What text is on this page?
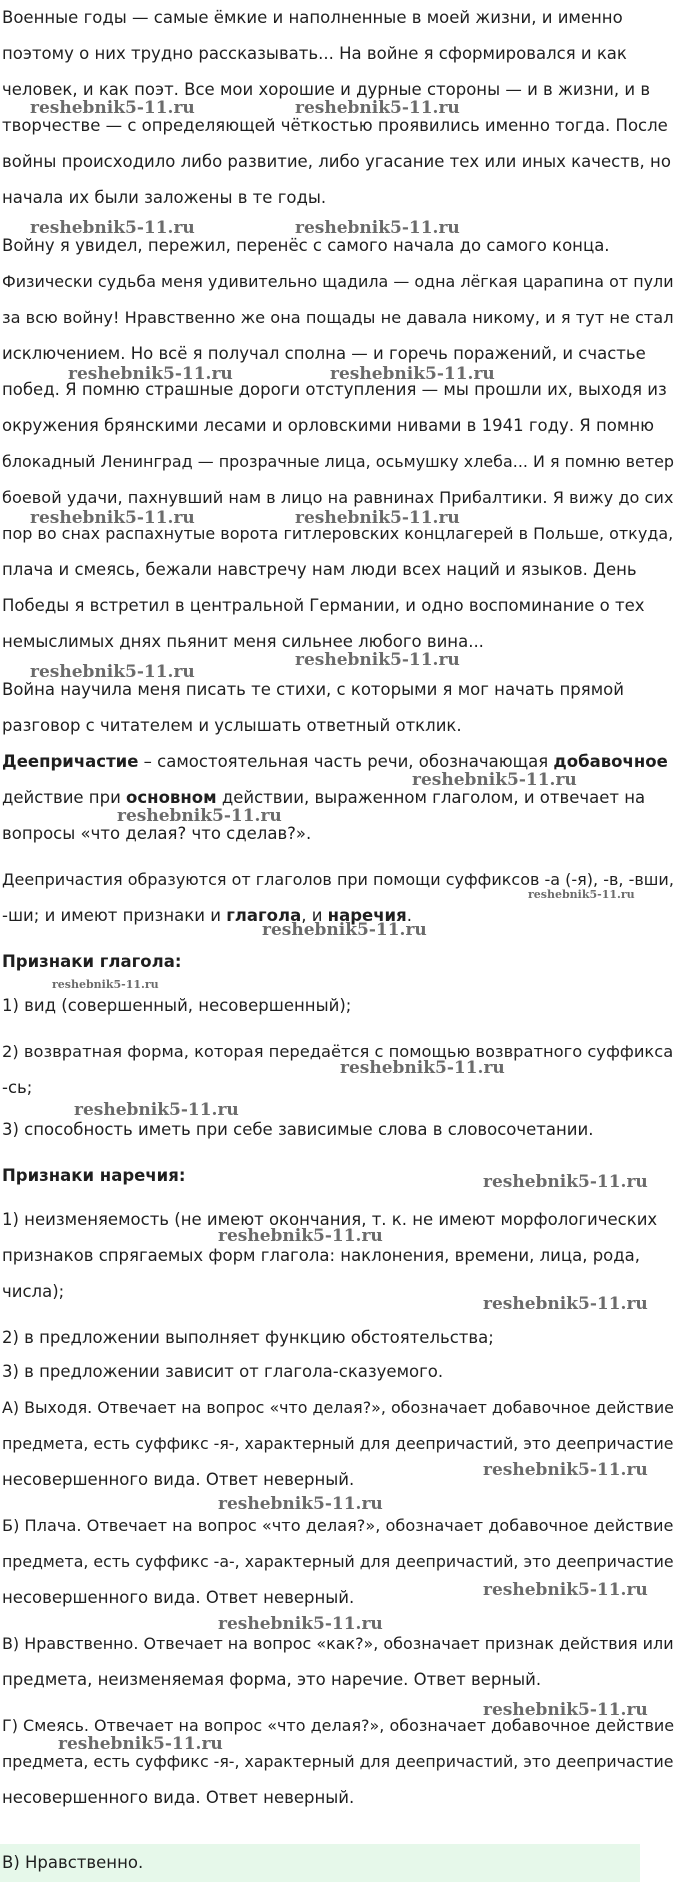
Военные годы — самые ёмкие и наполненные в моей жизни, и именно
поэтому о них трудно рассказывать... На войне я сформировался и как
человек, и как поэт. Все мои хорошие и дурные стороны — и в жизни, и в
творчестве — с определяющей чёткостью проявились именно тогда. После
войны происходило либо развитие, либо угасание тех или иных качеств, но
начала их были заложены в те годы.
Войну я увидел, пережил, перенёс с самого начала до самого конца.
Физически судьба меня удивительно щадила — одна лёгкая царапина от пули
за всю войну! Нравственно же она пощады не давала никому, и я тут не стал
исключением. Но всё я получал сполна — и горечь поражений, и счастье
побед. Я помню страшные дороги отступления — мы прошли их, выходя из
окружения брянскими лесами и орловскими нивами в 1941 году. Я помню
блокадный Ленинград — прозрачные лица, осьмушку хлеба... И я помню ветер
боевой удачи, пахнувший нам в лицо на равнинах Прибалтики. Я вижу до сих
пор во снах распахнутые ворота гитлеровских концлагерей в Польше, откуда,
плача и смеясь, бежали навстречу нам люди всех наций и языков. День
Победы я встретил в центральной Германии, и одно воспоминание о тех
немыслимых днях пьянит меня сильнее любого вина...
Война научила меня писать те стихи, с которыми я мог начать прямой
разговор с читателем и услышать ответный отклик.
Деепричастие – самостоятельная часть речи, обозначающая добавочное
действие при основном действии, выраженном глаголом, и отвечает на
вопросы «что делая? что сделав?».
Деепричастия образуются от глаголов при помощи суффиксов -а (-я), -в, -вши,
-ши; и имеют признаки и глагола, и наречия.
Признаки глагола:
1) вид (совершенный, несовершенный);
2) возвратная форма, которая передаётся с помощью возвратного суффикса
-сь;
3) способность иметь при себе зависимые слова в словосочетании.
Признаки наречия:
1) неизменяемость (не имеют окончания, т. к. не имеют морфологических
признаков спрягаемых форм глагола: наклонения, времени, лица, рода,
числа);
2) в предложении выполняет функцию обстоятельства;
3) в предложении зависит от глагола-сказуемого.
А) Выходя. Отвечает на вопрос «что делая?», обозначает добавочное действие
предмета, есть суффикс -я-, характерный для деепричастий, это деепричастие
несовершенного вида. Ответ неверный.
Б) Плача. Отвечает на вопрос «что делая?», обозначает добавочное действие
предмета, есть суффикс -а-, характерный для деепричастий, это деепричастие
несовершенного вида. Ответ неверный.
В) Нравственно. Отвечает на вопрос «как?», обозначает признак действия или
предмета, неизменяемая форма, это наречие. Ответ верный.
Г) Смеясь. Отвечает на вопрос «что делая?», обозначает добавочное действие
предмета, есть суффикс -я-, характерный для деепричастий, это деепричастие
несовершенного вида. Ответ неверный.
В) Нравственно.
reshebnik5-11.ru	reshebnik5-11.ru
reshebnik5-11.ru	reshebnik5-11.ru
reshebnik5-11.ru	reshebnik5-11.ru
reshebnik5-11.ru	reshebnik5-11.ru
reshebnik5-11.ru
reshebnik5-11.ru
reshebnik5-11.ru
reshebnik5-11.ru
reshebnik5-11.ru
reshebnik5-11.ru
reshebnik5-11.ru
reshebnik5-11.ru
reshebnik5-11.ru
reshebnik5-11.ru
reshebnik5-11.ru
reshebnik5-11.ru
reshebnik5-11.ru
reshebnik5-11.ru
reshebnik5-11.ru
reshebnik5-11.ru
reshebnik5-11.ru
reshebnik5-11.ru
